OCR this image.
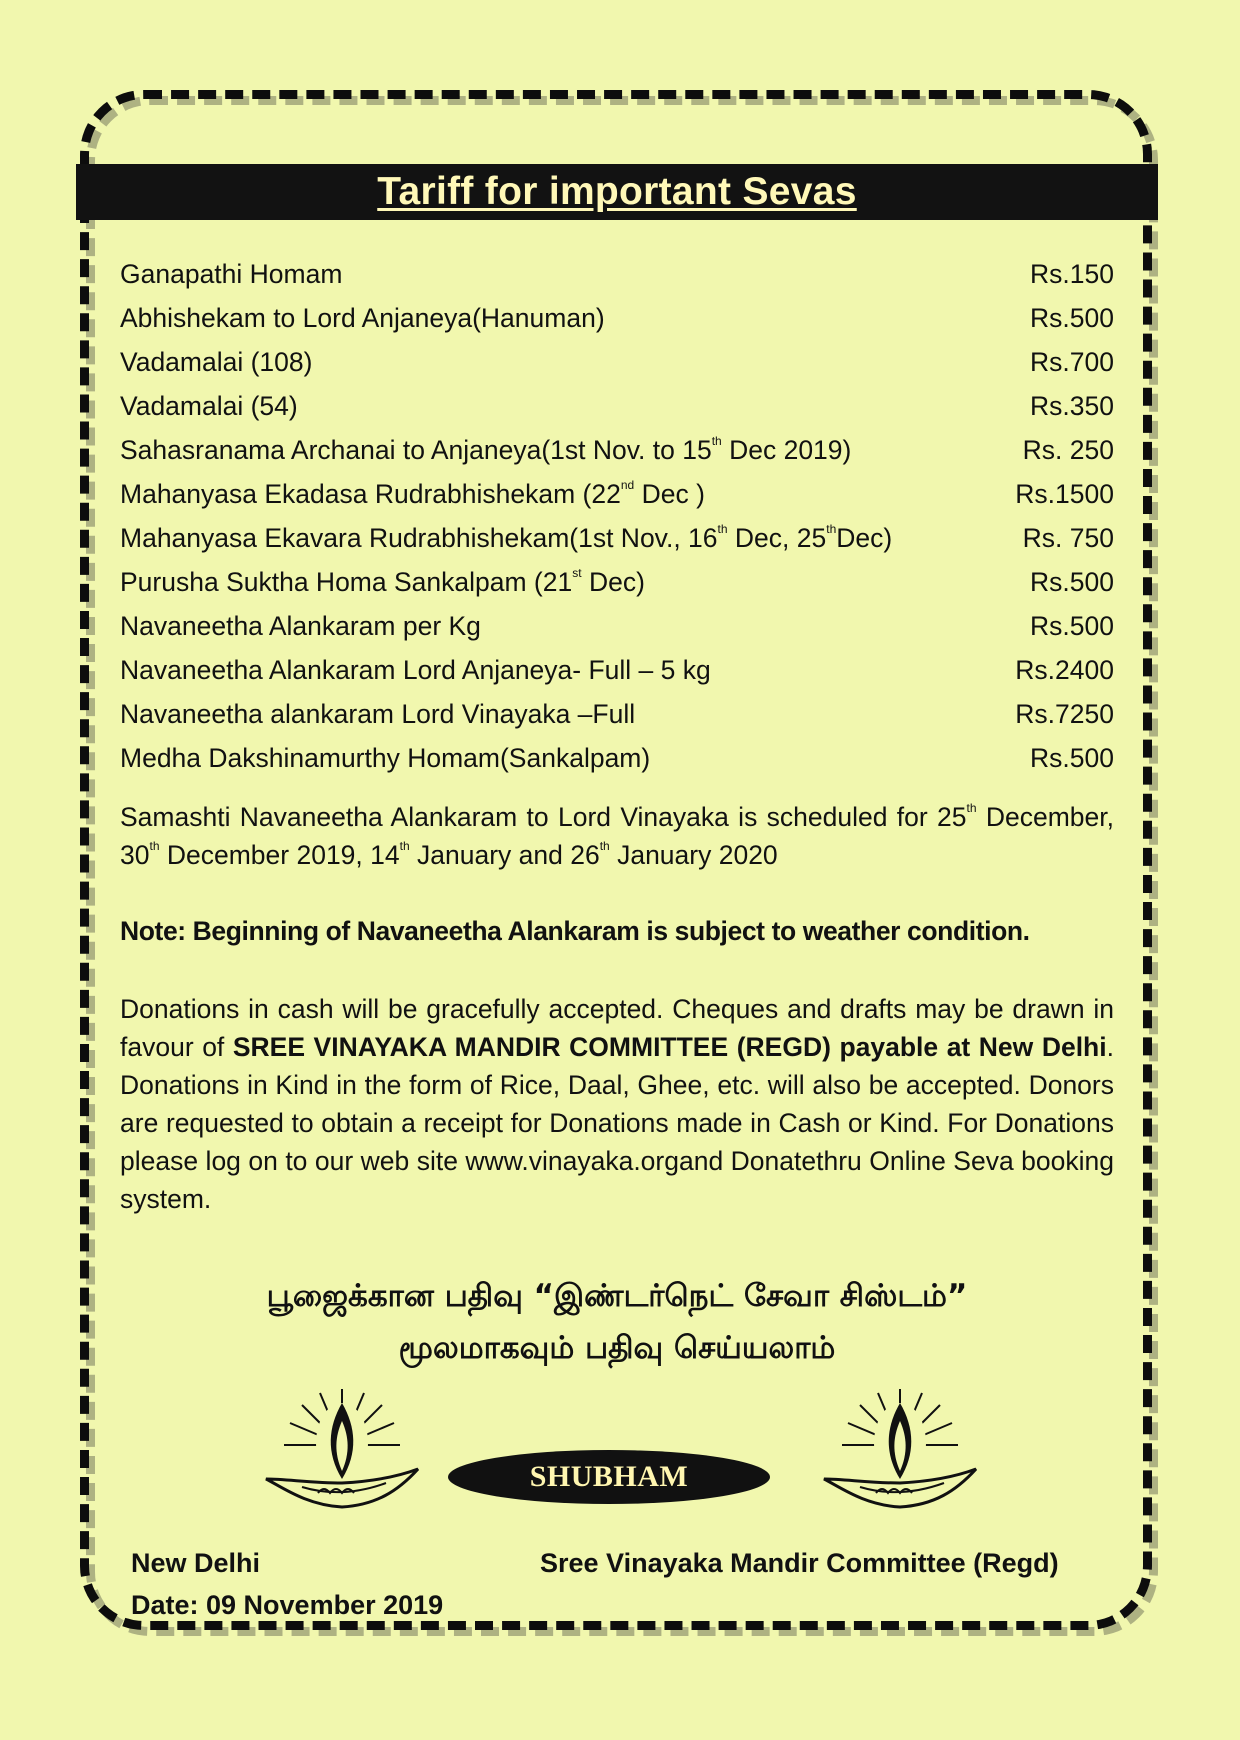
Tariff for important Sevas
Ganapathi Homam	Rs.150
Abhishekam to Lord Anjaneya(Hanuman)	Rs.500
Vadamalai (108)	Rs.700
Vadamalai (54)	Rs.350
Sahasranama Archanai to Anjaneya(1st Nov. to 15th Dec 2019)	Rs. 250
Mahanyasa Ekadasa Rudrabhishekam (22nd Dec )	Rs.1500
Mahanyasa Ekavara Rudrabhishekam(1st Nov., 16th Dec, 25thDec)	Rs. 750
Purusha Suktha Homa Sankalpam (21st Dec)	Rs.500
Navaneetha Alankaram per Kg	Rs.500
Navaneetha Alankaram Lord Anjaneya- Full – 5 kg	Rs.2400
Navaneetha alankaram Lord Vinayaka –Full	Rs.7250
Medha Dakshinamurthy Homam(Sankalpam)	Rs.500
Samashti Navaneetha Alankaram to Lord Vinayaka is scheduled for 25th December, 30th December 2019, 14th January and 26th January 2020
Note: Beginning of Navaneetha Alankaram is subject to weather condition.
Donations in cash will be gracefully accepted. Cheques and drafts may be drawn in favour of SREE VINAYAKA MANDIR COMMITTEE (REGD) payable at New Delhi. Donations in Kind in the form of Rice, Daal, Ghee, etc. will also be accepted. Donors are requested to obtain a receipt for Donations made in Cash or Kind. For Donations please log on to our web site www.vinayaka.organd Donatethru Online Seva booking system.
பூஜைக்கான பதிவு “இண்டர்நெட் சேவா சிஸ்டம்”
மூலமாகவும் பதிவு செய்யலாம்
SHUBHAM
New Delhi
Date: 09 November 2019
Sree Vinayaka Mandir Committee (Regd)
